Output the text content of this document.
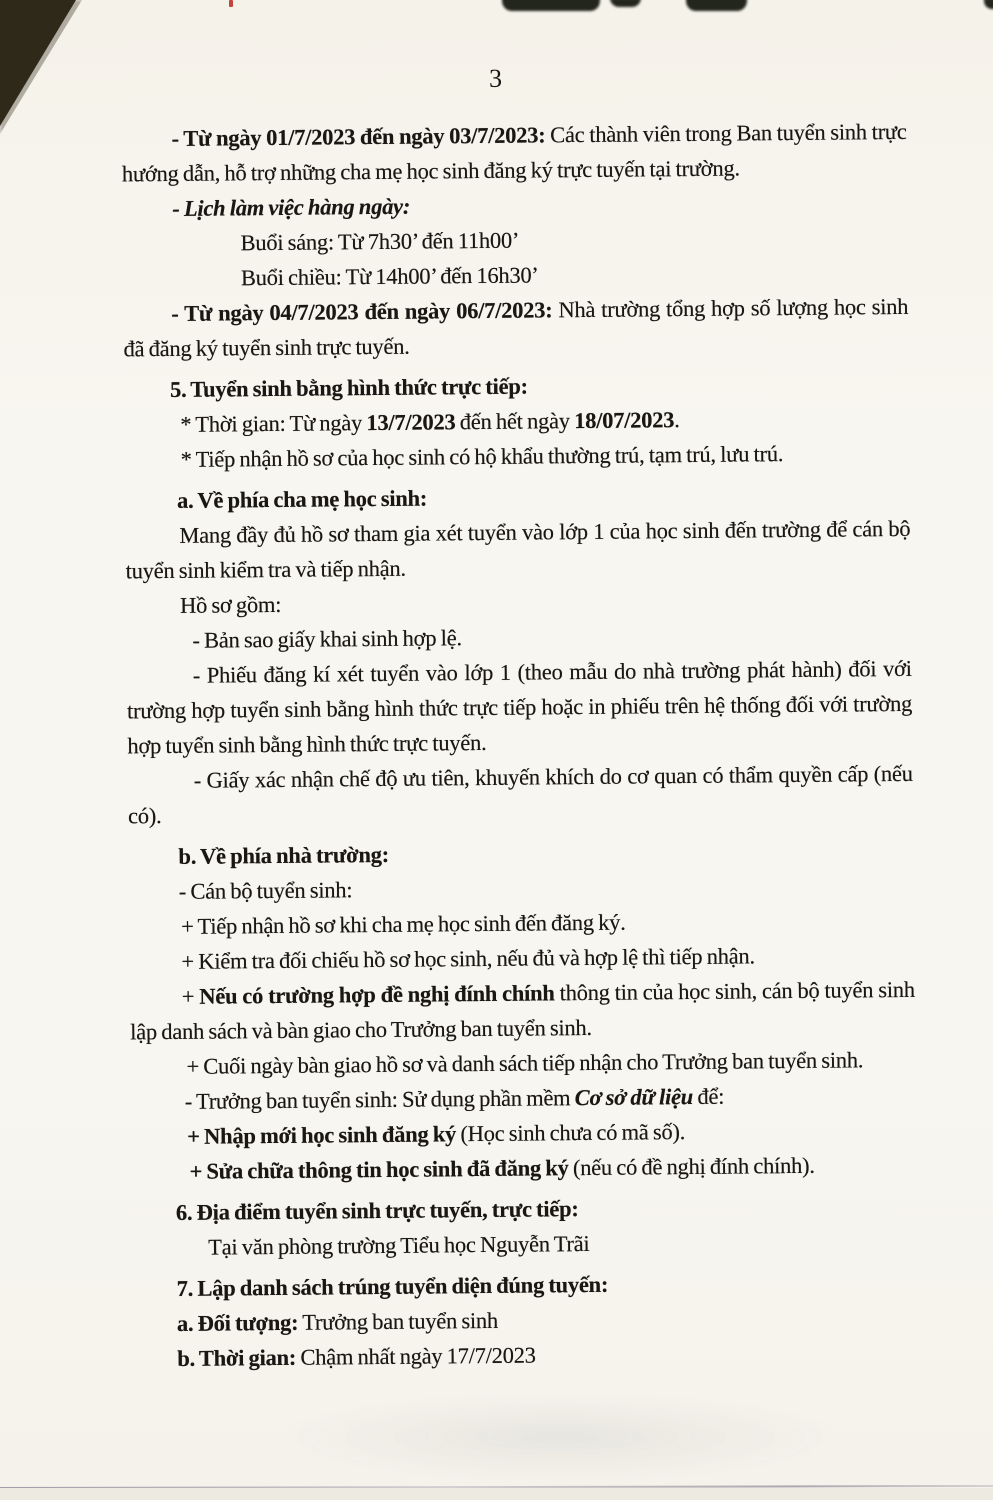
3

- Từ ngày 01/7/2023 đến ngày 03/7/2023: Các thành viên trong Ban tuyển sinh trực hướng dẫn, hỗ trợ những cha mẹ học sinh đăng ký trực tuyến tại trường.

- Lịch làm việc hàng ngày:

Buổi sáng: Từ 7h30’ đến 11h00’

Buổi chiều: Từ 14h00’ đến 16h30’

- Từ ngày 04/7/2023 đến ngày 06/7/2023: Nhà trường tổng hợp số lượng học sinh đã đăng ký tuyển sinh trực tuyến.

5. Tuyển sinh bằng hình thức trực tiếp:

* Thời gian: Từ ngày 13/7/2023 đến hết ngày 18/07/2023.

* Tiếp nhận hồ sơ của học sinh có hộ khẩu thường trú, tạm trú, lưu trú.

a. Về phía cha mẹ học sinh:

Mang đầy đủ hồ sơ tham gia xét tuyển vào lớp 1 của học sinh đến trường để cán bộ tuyển sinh kiểm tra và tiếp nhận.

Hồ sơ gồm:

- Bản sao giấy khai sinh hợp lệ.

- Phiếu đăng kí xét tuyển vào lớp 1 (theo mẫu do nhà trường phát hành) đối với trường hợp tuyển sinh bằng hình thức trực tiếp hoặc in phiếu trên hệ thống đối với trường hợp tuyển sinh bằng hình thức trực tuyến.

- Giấy xác nhận chế độ ưu tiên, khuyến khích do cơ quan có thẩm quyền cấp (nếu có).

b. Về phía nhà trường:

- Cán bộ tuyển sinh:

+ Tiếp nhận hồ sơ khi cha mẹ học sinh đến đăng ký.

+ Kiểm tra đối chiếu hồ sơ học sinh, nếu đủ và hợp lệ thì tiếp nhận.

+ Nếu có trường hợp đề nghị đính chính thông tin của học sinh, cán bộ tuyển sinh lập danh sách và bàn giao cho Trưởng ban tuyển sinh.

+ Cuối ngày bàn giao hồ sơ và danh sách tiếp nhận cho Trưởng ban tuyển sinh.

- Trưởng ban tuyển sinh: Sử dụng phần mềm Cơ sở dữ liệu để:

+ Nhập mới học sinh đăng ký (Học sinh chưa có mã số).

+ Sửa chữa thông tin học sinh đã đăng ký (nếu có đề nghị đính chính).

6. Địa điểm tuyển sinh trực tuyến, trực tiếp:

Tại văn phòng trường Tiểu học Nguyễn Trãi

7. Lập danh sách trúng tuyển diện đúng tuyến:

a. Đối tượng: Trưởng ban tuyển sinh

b. Thời gian: Chậm nhất ngày 17/7/2023
